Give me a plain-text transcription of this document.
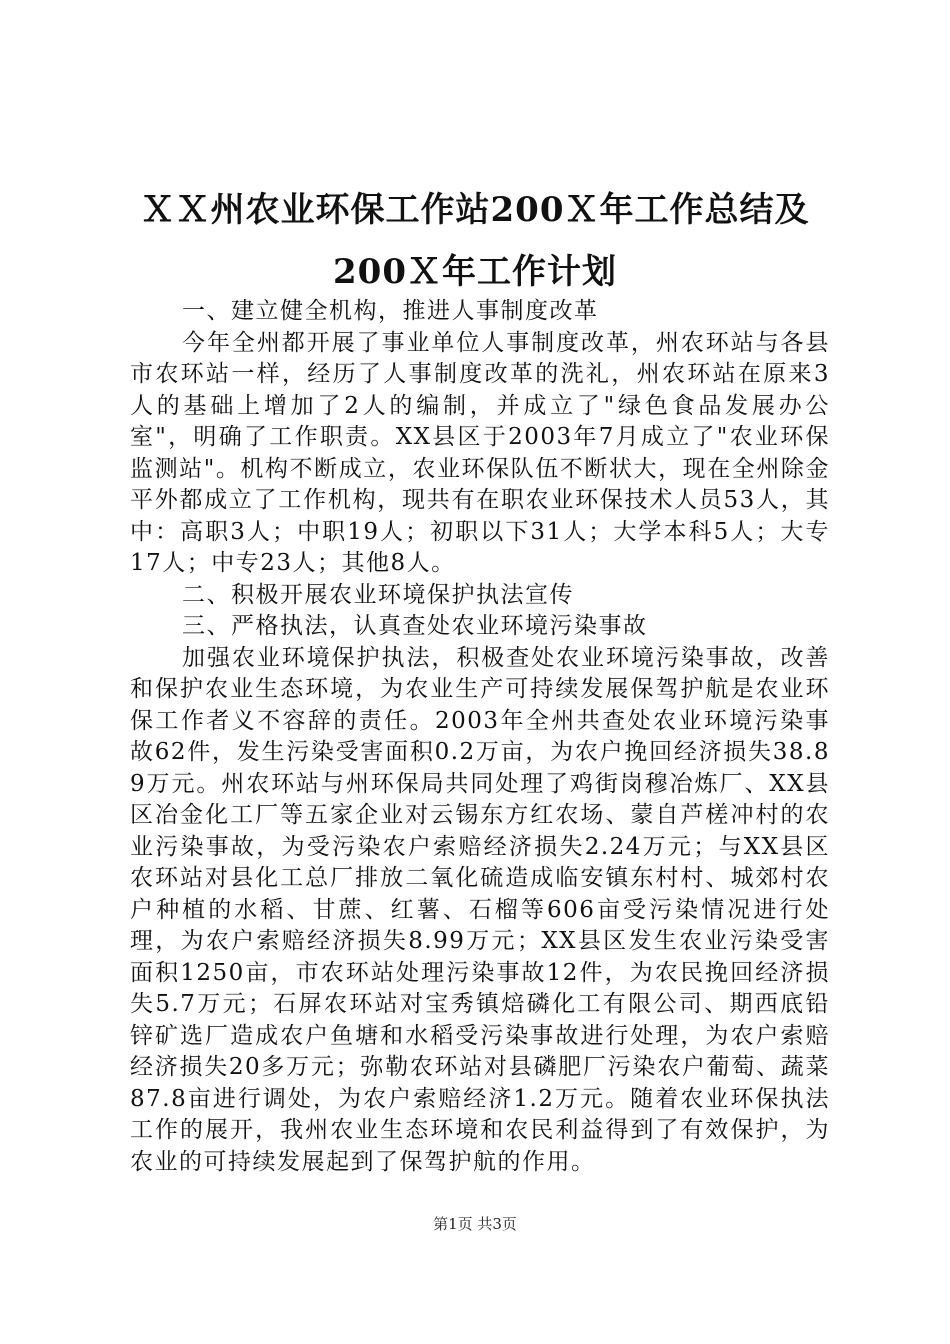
ＸＸ州农业环保工作站200Ｘ年工作总结及
200Ｘ年工作计划

一、建立健全机构，推进人事制度改革

今年全州都开展了事业单位人事制度改革，州农环站与各县市农环站一样，经历了人事制度改革的洗礼，州农环站在原来3人的基础上增加了2人的编制，并成立了"绿色食品发展办公室"，明确了工作职责。XX县区于2003年7月成立了"农业环保监测站"。机构不断成立，农业环保队伍不断状大，现在全州除金平外都成立了工作机构，现共有在职农业环保技术人员53人，其中：高职3人；中职19人；初职以下31人；大学本科5人；大专17人；中专23人；其他8人。

二、积极开展农业环境保护执法宣传

三、严格执法，认真查处农业环境污染事故

加强农业环境保护执法，积极查处农业环境污染事故，改善和保护农业生态环境，为农业生产可持续发展保驾护航是农业环保工作者义不容辞的责任。2003年全州共查处农业环境污染事故62件，发生污染受害面积0.2万亩，为农户挽回经济损失38.89万元。州农环站与州环保局共同处理了鸡街岗穆冶炼厂、XX县区冶金化工厂等五家企业对云锡东方红农场、蒙自芦槎冲村的农业污染事故，为受污染农户索赔经济损失2.24万元；与XX县区农环站对县化工总厂排放二氧化硫造成临安镇东村村、城郊村农户种植的水稻、甘蔗、红薯、石榴等606亩受污染情况进行处理，为农户索赔经济损失8.99万元；XX县区发生农业污染受害面积1250亩，市农环站处理污染事故12件，为农民挽回经济损失5.7万元；石屏农环站对宝秀镇焙磷化工有限公司、期西底铅锌矿选厂造成农户鱼塘和水稻受污染事故进行处理，为农户索赔经济损失20多万元；弥勒农环站对县磷肥厂污染农户葡萄、蔬菜87.8亩进行调处，为农户索赔经济1.2万元。随着农业环保执法工作的展开，我州农业生态环境和农民利益得到了有效保护，为农业的可持续发展起到了保驾护航的作用。

第1页 共3页
